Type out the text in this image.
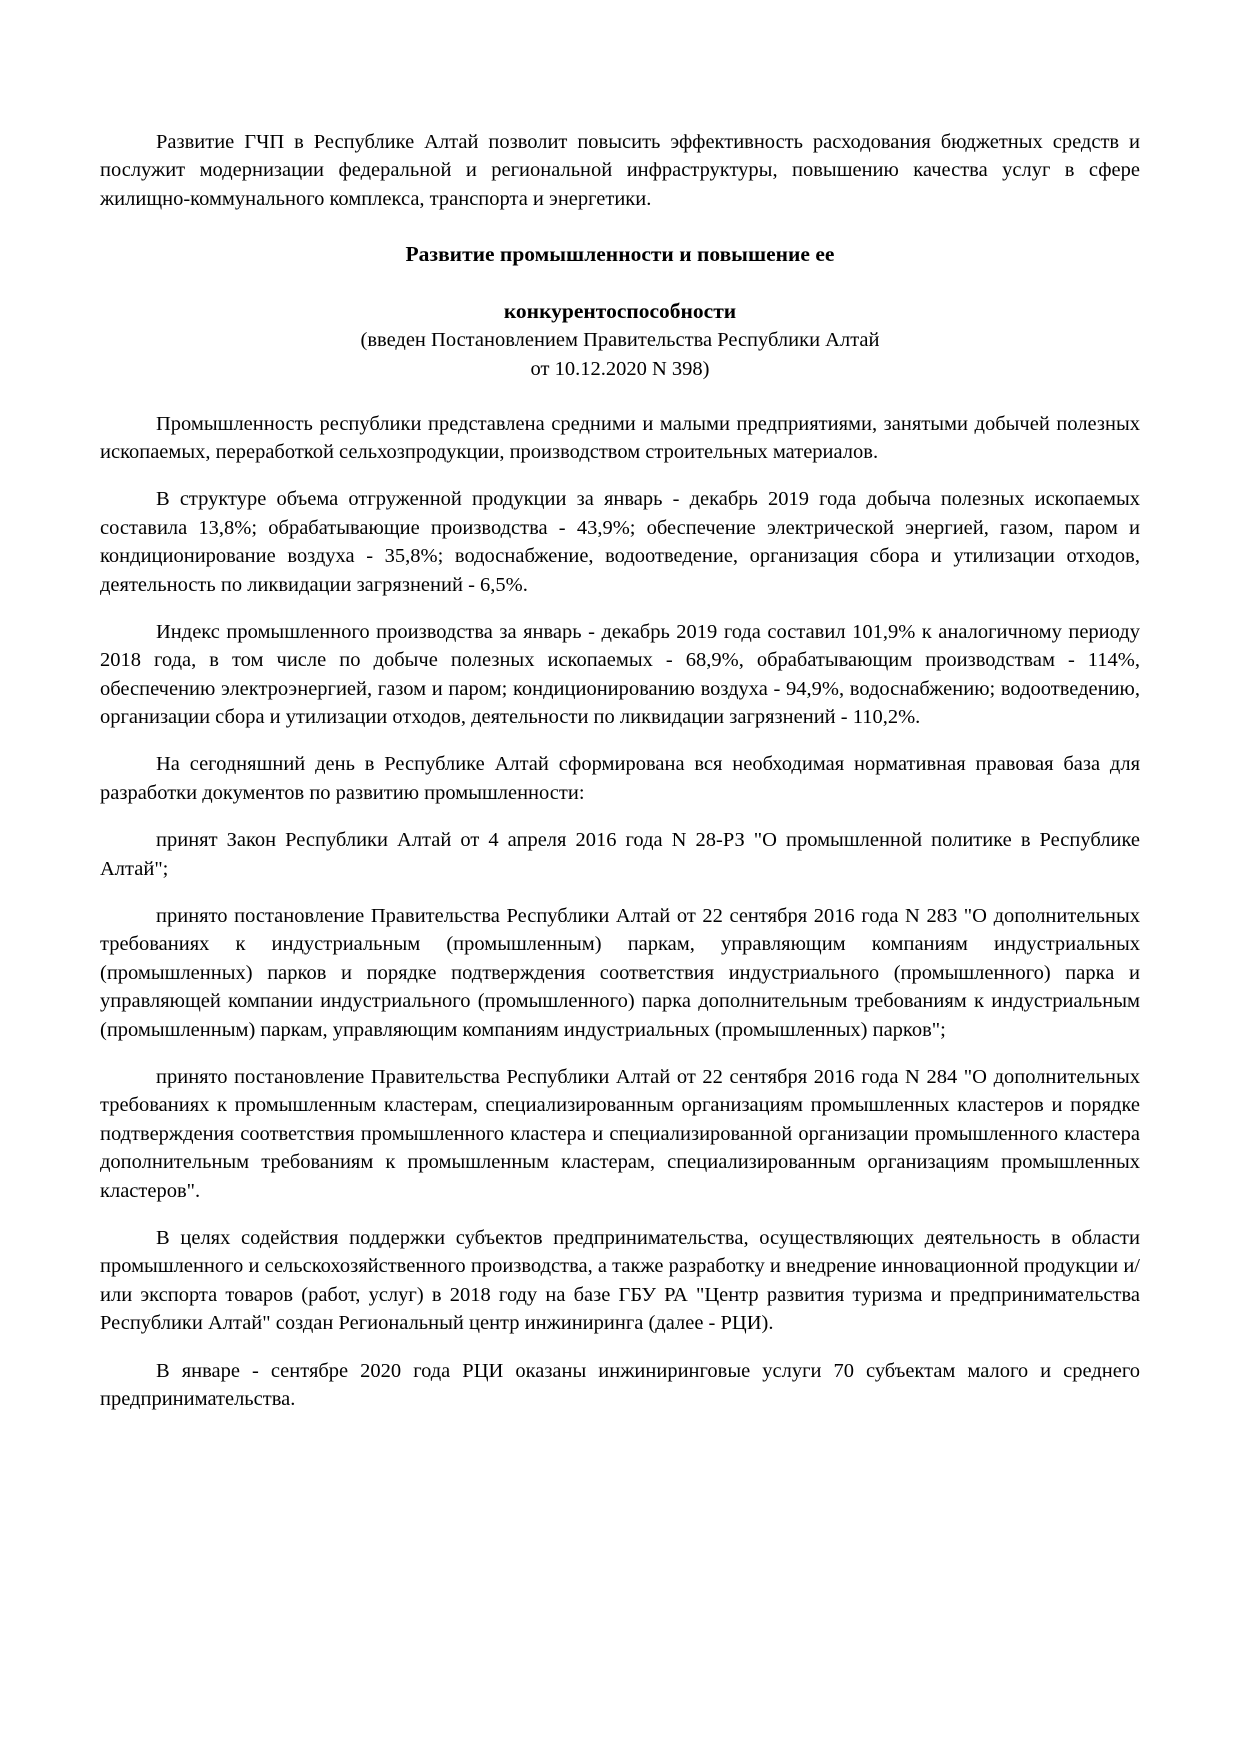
Развитие ГЧП в Республике Алтай позволит повысить эффективность расходования бюджетных средств и послужит модернизации федеральной и региональной инфраструктуры, повышению качества услуг в сфере жилищно-коммунального комплекса, транспорта и энергетики.

Развитие промышленности и повышение ее
конкурентоспособности
(введен Постановлением Правительства Республики Алтай
от 10.12.2020 N 398)

Промышленность республики представлена средними и малыми предприятиями, занятыми добычей полезных ископаемых, переработкой сельхозпродукции, производством строительных материалов.

В структуре объема отгруженной продукции за январь - декабрь 2019 года добыча полезных ископаемых составила 13,8%; обрабатывающие производства - 43,9%; обеспечение электрической энергией, газом, паром и кондиционирование воздуха - 35,8%; водоснабжение, водоотведение, организация сбора и утилизации отходов, деятельность по ликвидации загрязнений - 6,5%.

Индекс промышленного производства за январь - декабрь 2019 года составил 101,9% к аналогичному периоду 2018 года, в том числе по добыче полезных ископаемых - 68,9%, обрабатывающим производствам - 114%, обеспечению электроэнергией, газом и паром; кондиционированию воздуха - 94,9%, водоснабжению; водоотведению, организации сбора и утилизации отходов, деятельности по ликвидации загрязнений - 110,2%.

На сегодняшний день в Республике Алтай сформирована вся необходимая нормативная правовая база для разработки документов по развитию промышленности:

принят Закон Республики Алтай от 4 апреля 2016 года N 28-РЗ "О промышленной политике в Республике Алтай";

принято постановление Правительства Республики Алтай от 22 сентября 2016 года N 283 "О дополнительных требованиях к индустриальным (промышленным) паркам, управляющим компаниям индустриальных (промышленных) парков и порядке подтверждения соответствия индустриального (промышленного) парка и управляющей компании индустриального (промышленного) парка дополнительным требованиям к индустриальным (промышленным) паркам, управляющим компаниям индустриальных (промышленных) парков";

принято постановление Правительства Республики Алтай от 22 сентября 2016 года N 284 "О дополнительных требованиях к промышленным кластерам, специализированным организациям промышленных кластеров и порядке подтверждения соответствия промышленного кластера и специализированной организации промышленного кластера дополнительным требованиям к промышленным кластерам, специализированным организациям промышленных кластеров".

В целях содействия поддержки субъектов предпринимательства, осуществляющих деятельность в области промышленного и сельскохозяйственного производства, а также разработку и внедрение инновационной продукции и/или экспорта товаров (работ, услуг) в 2018 году на базе ГБУ РА "Центр развития туризма и предпринимательства Республики Алтай" создан Региональный центр инжиниринга (далее - РЦИ).

В январе - сентябре 2020 года РЦИ оказаны инжиниринговые услуги 70 субъектам малого и среднего предпринимательства.
